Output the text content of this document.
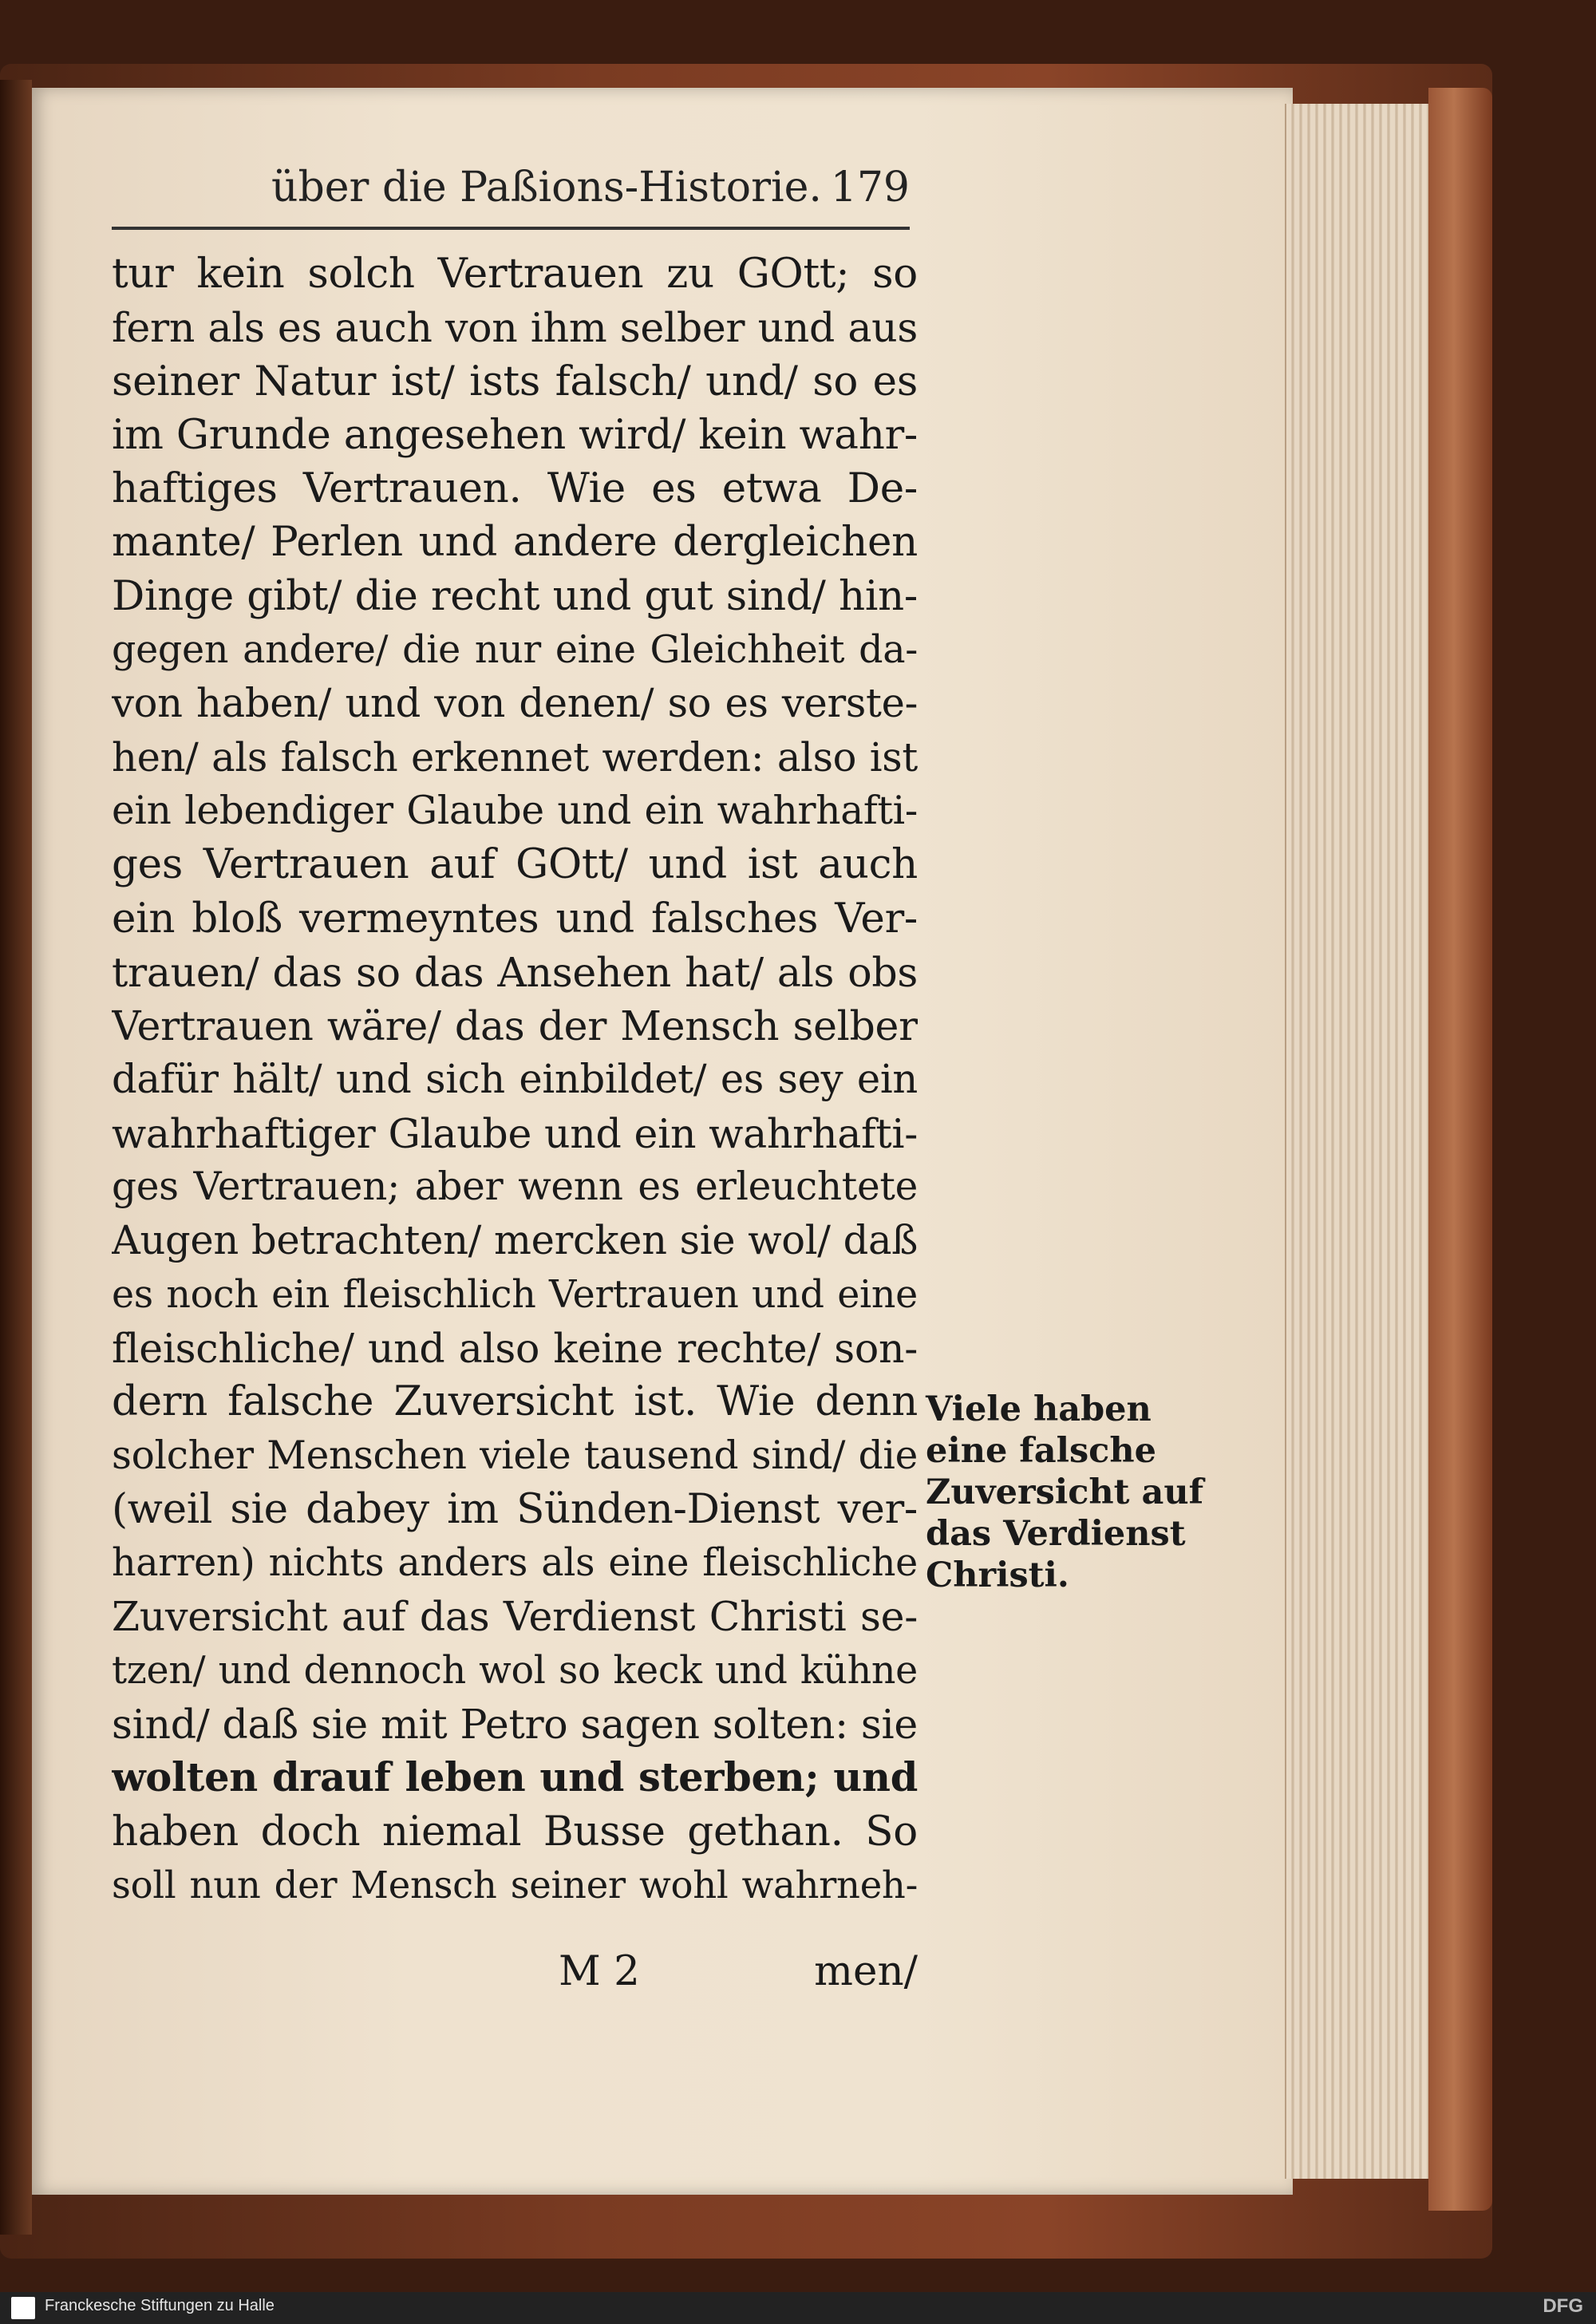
über die Paßions-Historie. 179
tur kein solch Vertrauen zu GOtt; so
fern als es auch von ihm selber und aus
seiner Natur ist/ ists falsch/ und/ so es
im Grunde angesehen wird/ kein wahr-
haftiges Vertrauen. Wie es etwa De-
mante/ Perlen und andere dergleichen
Dinge gibt/ die recht und gut sind/ hin-
gegen andere/ die nur eine Gleichheit da-
von haben/ und von denen/ so es verste-
hen/ als falsch erkennet werden: also ist
ein lebendiger Glaube und ein wahrhafti-
ges Vertrauen auf GOtt/ und ist auch
ein bloß vermeyntes und falsches Ver-
trauen/ das so das Ansehen hat/ als obs
Vertrauen wäre/ das der Mensch selber
dafür hält/ und sich einbildet/ es sey ein
wahrhaftiger Glaube und ein wahrhafti-
ges Vertrauen; aber wenn es erleuchtete
Augen betrachten/ mercken sie wol/ daß
es noch ein fleischlich Vertrauen und eine
fleischliche/ und also keine rechte/ son-
dern falsche Zuversicht ist. Wie denn
solcher Menschen viele tausend sind/ die
(weil sie dabey im Sünden-Dienst ver-
harren) nichts anders als eine fleischliche
Zuversicht auf das Verdienst Christi se-
tzen/ und dennoch wol so keck und kühne
sind/ daß sie mit Petro sagen solten: sie
wolten drauf leben und sterben; und
haben doch niemal Busse gethan. So
soll nun der Mensch seiner wohl wahrneh-
M 2	men/
Viele haben
eine falsche
Zuversicht auf
das Verdienst
Christi.
Franckesche Stiftungen zu Halle	DFG
